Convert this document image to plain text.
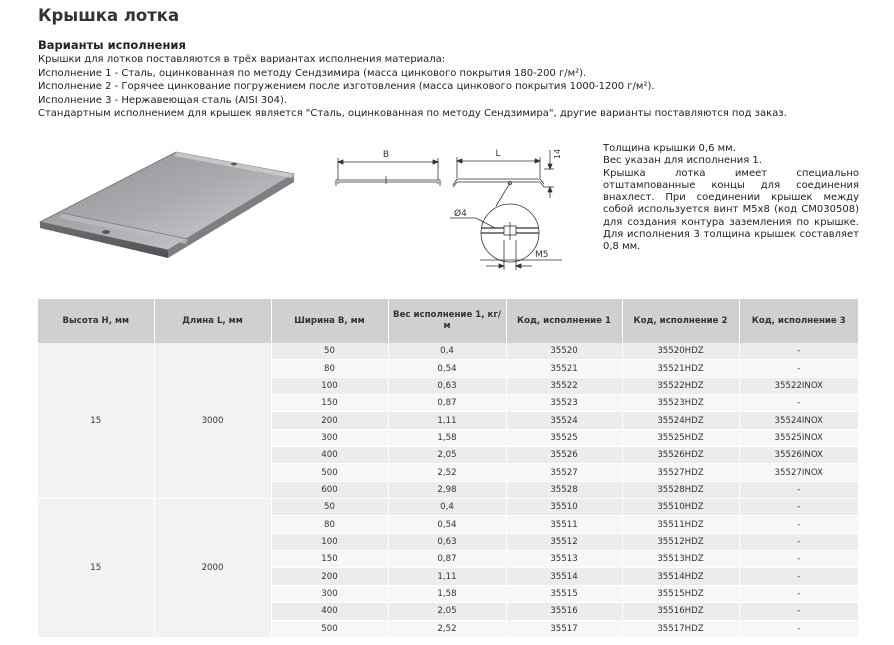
Крышка лотка
Варианты исполнения
Крышки для лотков поставляются в трёх вариантах исполнения материала:
Исполнение 1 - Сталь, оцинкованная по методу Сендзимира (масса цинкового покрытия 180-200 г/м²).
Исполнение 2 - Горячее цинкование погружением после изготовления (масса цинкового покрытия 1000-1200 г/м²).
Исполнение 3 - Нержавеющая сталь (AISI 304).
Стандартным исполнением для крышек является "Сталь, оцинкованная по методу Сендзимира", другие варианты поставляются под заказ.
B	L	14
Ø4
M5

Толщина крышки 0,6 мм.

Вес указан для исполнения 1.

Крышка лотка имеет специально отштампованные концы для соединения внахлест. При соединении крышек между собой используется винт М5х8 (код CM030508) для создания контура заземления по крышке. Для исполнения 3 толщина крышек составляет 0,8 мм.

Высота H, мм	Длина L, мм	Ширина B, мм	Вес исполнение 1, кг/м	Код, исполнение 1	Код, исполнение 2	Код, исполнение 3
15	3000	50	0,4	35520	35520HDZ	-
		80	0,54	35521	35521HDZ	-
		100	0,63	35522	35522HDZ	35522INOX
		150	0,87	35523	35523HDZ	-
		200	1,11	35524	35524HDZ	35524INOX
		300	1,58	35525	35525HDZ	35525INOX
		400	2,05	35526	35526HDZ	35526INOX
		500	2,52	35527	35527HDZ	35527INOX
		600	2,98	35528	35528HDZ	-
15	2000	50	0,4	35510	35510HDZ	-
		80	0,54	35511	35511HDZ	-
		100	0,63	35512	35512HDZ	-
		150	0,87	35513	35513HDZ	-
		200	1,11	35514	35514HDZ	-
		300	1,58	35515	35515HDZ	-
		400	2,05	35516	35516HDZ	-
		500	2,52	35517	35517HDZ	-
